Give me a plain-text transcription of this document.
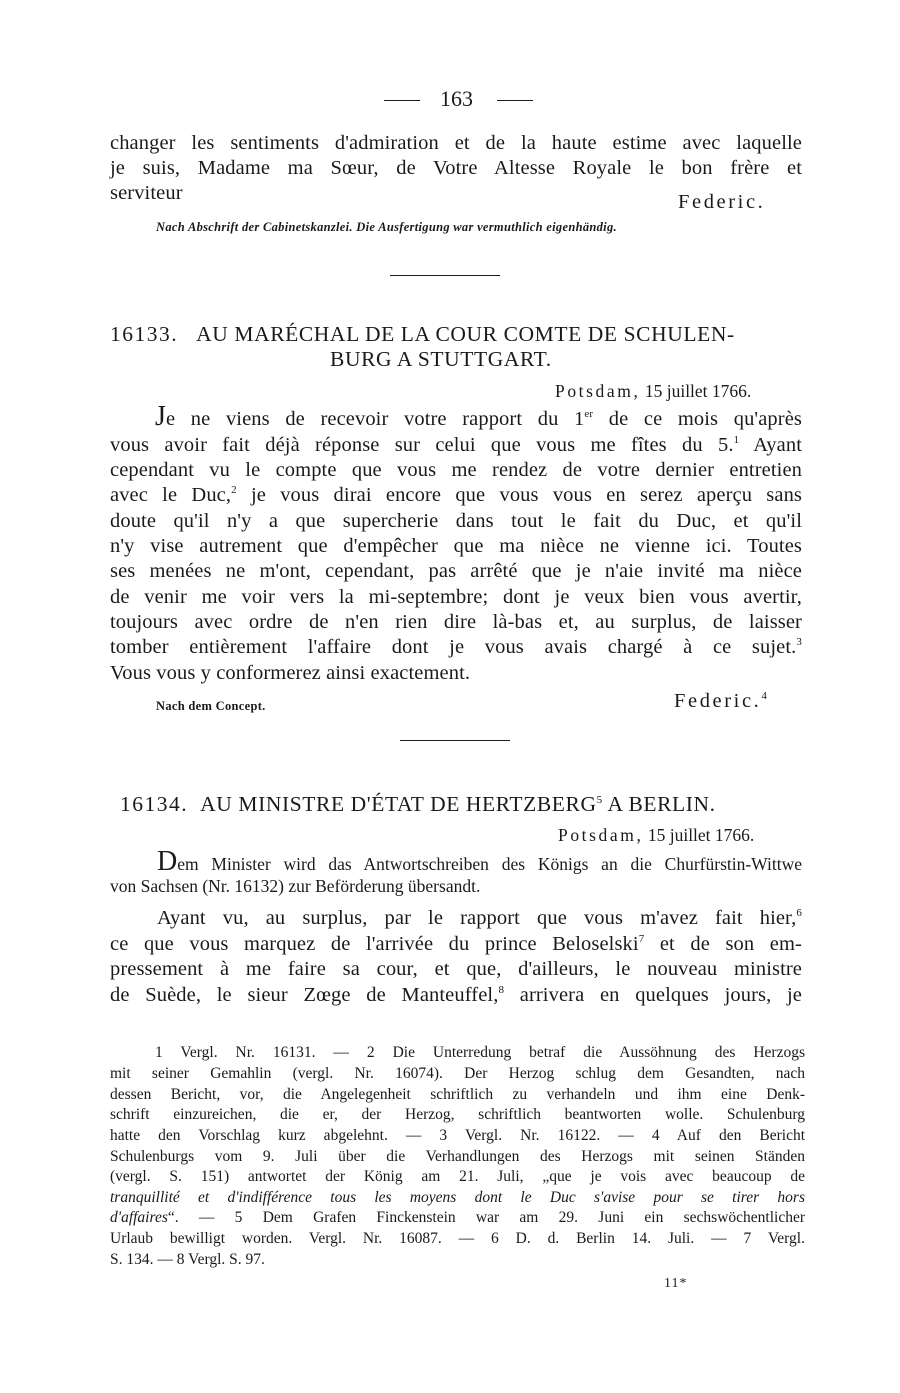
163
changer les sentiments d'admiration et de la haute estime avec laquelle
je suis, Madame ma Sœur, de Votre Altesse Royale le bon frère et
serviteur	Federic.
Nach Abschrift der Cabinetskanzlei. Die Ausfertigung war vermuthlich eigenhändig.
16133. AU MARÉCHAL DE LA COUR COMTE DE SCHULEN-
BURG A STUTTGART.
Potsdam, 15 juillet 1766.
Je ne viens de recevoir votre rapport du 1er de ce mois qu'après
vous avoir fait déjà réponse sur celui que vous me fîtes du 5.$^1$ Ayant
cependant vu le compte que vous me rendez de votre dernier entretien
avec le Duc,$^2$ je vous dirai encore que vous vous en serez aperçu sans
doute qu'il n'y a que supercherie dans tout le fait du Duc, et qu'il
n'y vise autrement que d'empêcher que ma nièce ne vienne ici. Toutes
ses menées ne m'ont, cependant, pas arrêté que je n'aie invité ma nièce
de venir me voir vers la mi-septembre; dont je veux bien vous avertir,
toujours avec ordre de n'en rien dire là-bas et, au surplus, de laisser
tomber entièrement l'affaire dont je vous avais chargé à ce sujet.$^3$
Vous vous y conformerez ainsi exactement.
Nach dem Concept.	Federic.$^4$
16134. AU MINISTRE D'ÉTAT DE HERTZBERG$^5$ A BERLIN.
Potsdam, 15 juillet 1766.
Dem Minister wird das Antwortschreiben des Königs an die Churfürstin-Wittwe
von Sachsen (Nr. 16132) zur Beförderung übersandt.
Ayant vu, au surplus, par le rapport que vous m'avez fait hier,$^6$
ce que vous marquez de l'arrivée du prince Beloselski$^7$ et de son em-
pressement à me faire sa cour, et que, d'ailleurs, le nouveau ministre
de Suède, le sieur Zœge de Manteuffel,$^8$ arrivera en quelques jours, je
1 Vergl. Nr. 16131. — 2 Die Unterredung betraf die Aussöhnung des Herzogs
mit seiner Gemahlin (vergl. Nr. 16074). Der Herzog schlug dem Gesandten, nach
dessen Bericht, vor, die Angelegenheit schriftlich zu verhandeln und ihm eine Denk-
schrift einzureichen, die er, der Herzog, schriftlich beantworten wolle. Schulenburg
hatte den Vorschlag kurz abgelehnt. — 3 Vergl. Nr. 16122. — 4 Auf den Bericht
Schulenburgs vom 9. Juli über die Verhandlungen des Herzogs mit seinen Ständen
(vergl. S. 151) antwortet der König am 21. Juli, „que je vois avec beaucoup de
tranquillité et d'indifférence tous les moyens dont le Duc s'avise pour se tirer hors
d'affaires“. — 5 Dem Grafen Finckenstein war am 29. Juni ein sechswöchentlicher
Urlaub bewilligt worden. Vergl. Nr. 16087. — 6 D. d. Berlin 14. Juli. — 7 Vergl.
S. 134. — 8 Vergl. S. 97.
11*
